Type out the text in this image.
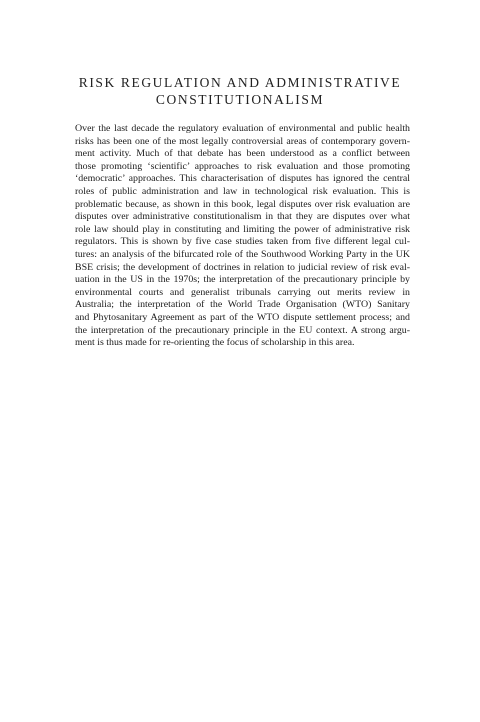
RISK REGULATION AND ADMINISTRATIVE
CONSTITUTIONALISM
Over the last decade the regulatory evaluation of environmental and public health
risks has been one of the most legally controversial areas of contemporary govern-
ment activity. Much of that debate has been understood as a conflict between
those promoting ‘scientific’ approaches to risk evaluation and those promoting
‘democratic’ approaches. This characterisation of disputes has ignored the central
roles of public administration and law in technological risk evaluation. This is
problematic because, as shown in this book, legal disputes over risk evaluation are
disputes over administrative constitutionalism in that they are disputes over what
role law should play in constituting and limiting the power of administrative risk
regulators. This is shown by five case studies taken from five different legal cul-
tures: an analysis of the bifurcated role of the Southwood Working Party in the UK
BSE crisis; the development of doctrines in relation to judicial review of risk eval-
uation in the US in the 1970s; the interpretation of the precautionary principle by
environmental courts and generalist tribunals carrying out merits review in
Australia; the interpretation of the World Trade Organisation (WTO) Sanitary
and Phytosanitary Agreement as part of the WTO dispute settlement process; and
the interpretation of the precautionary principle in the EU context. A strong argu-
ment is thus made for re-orienting the focus of scholarship in this area.
